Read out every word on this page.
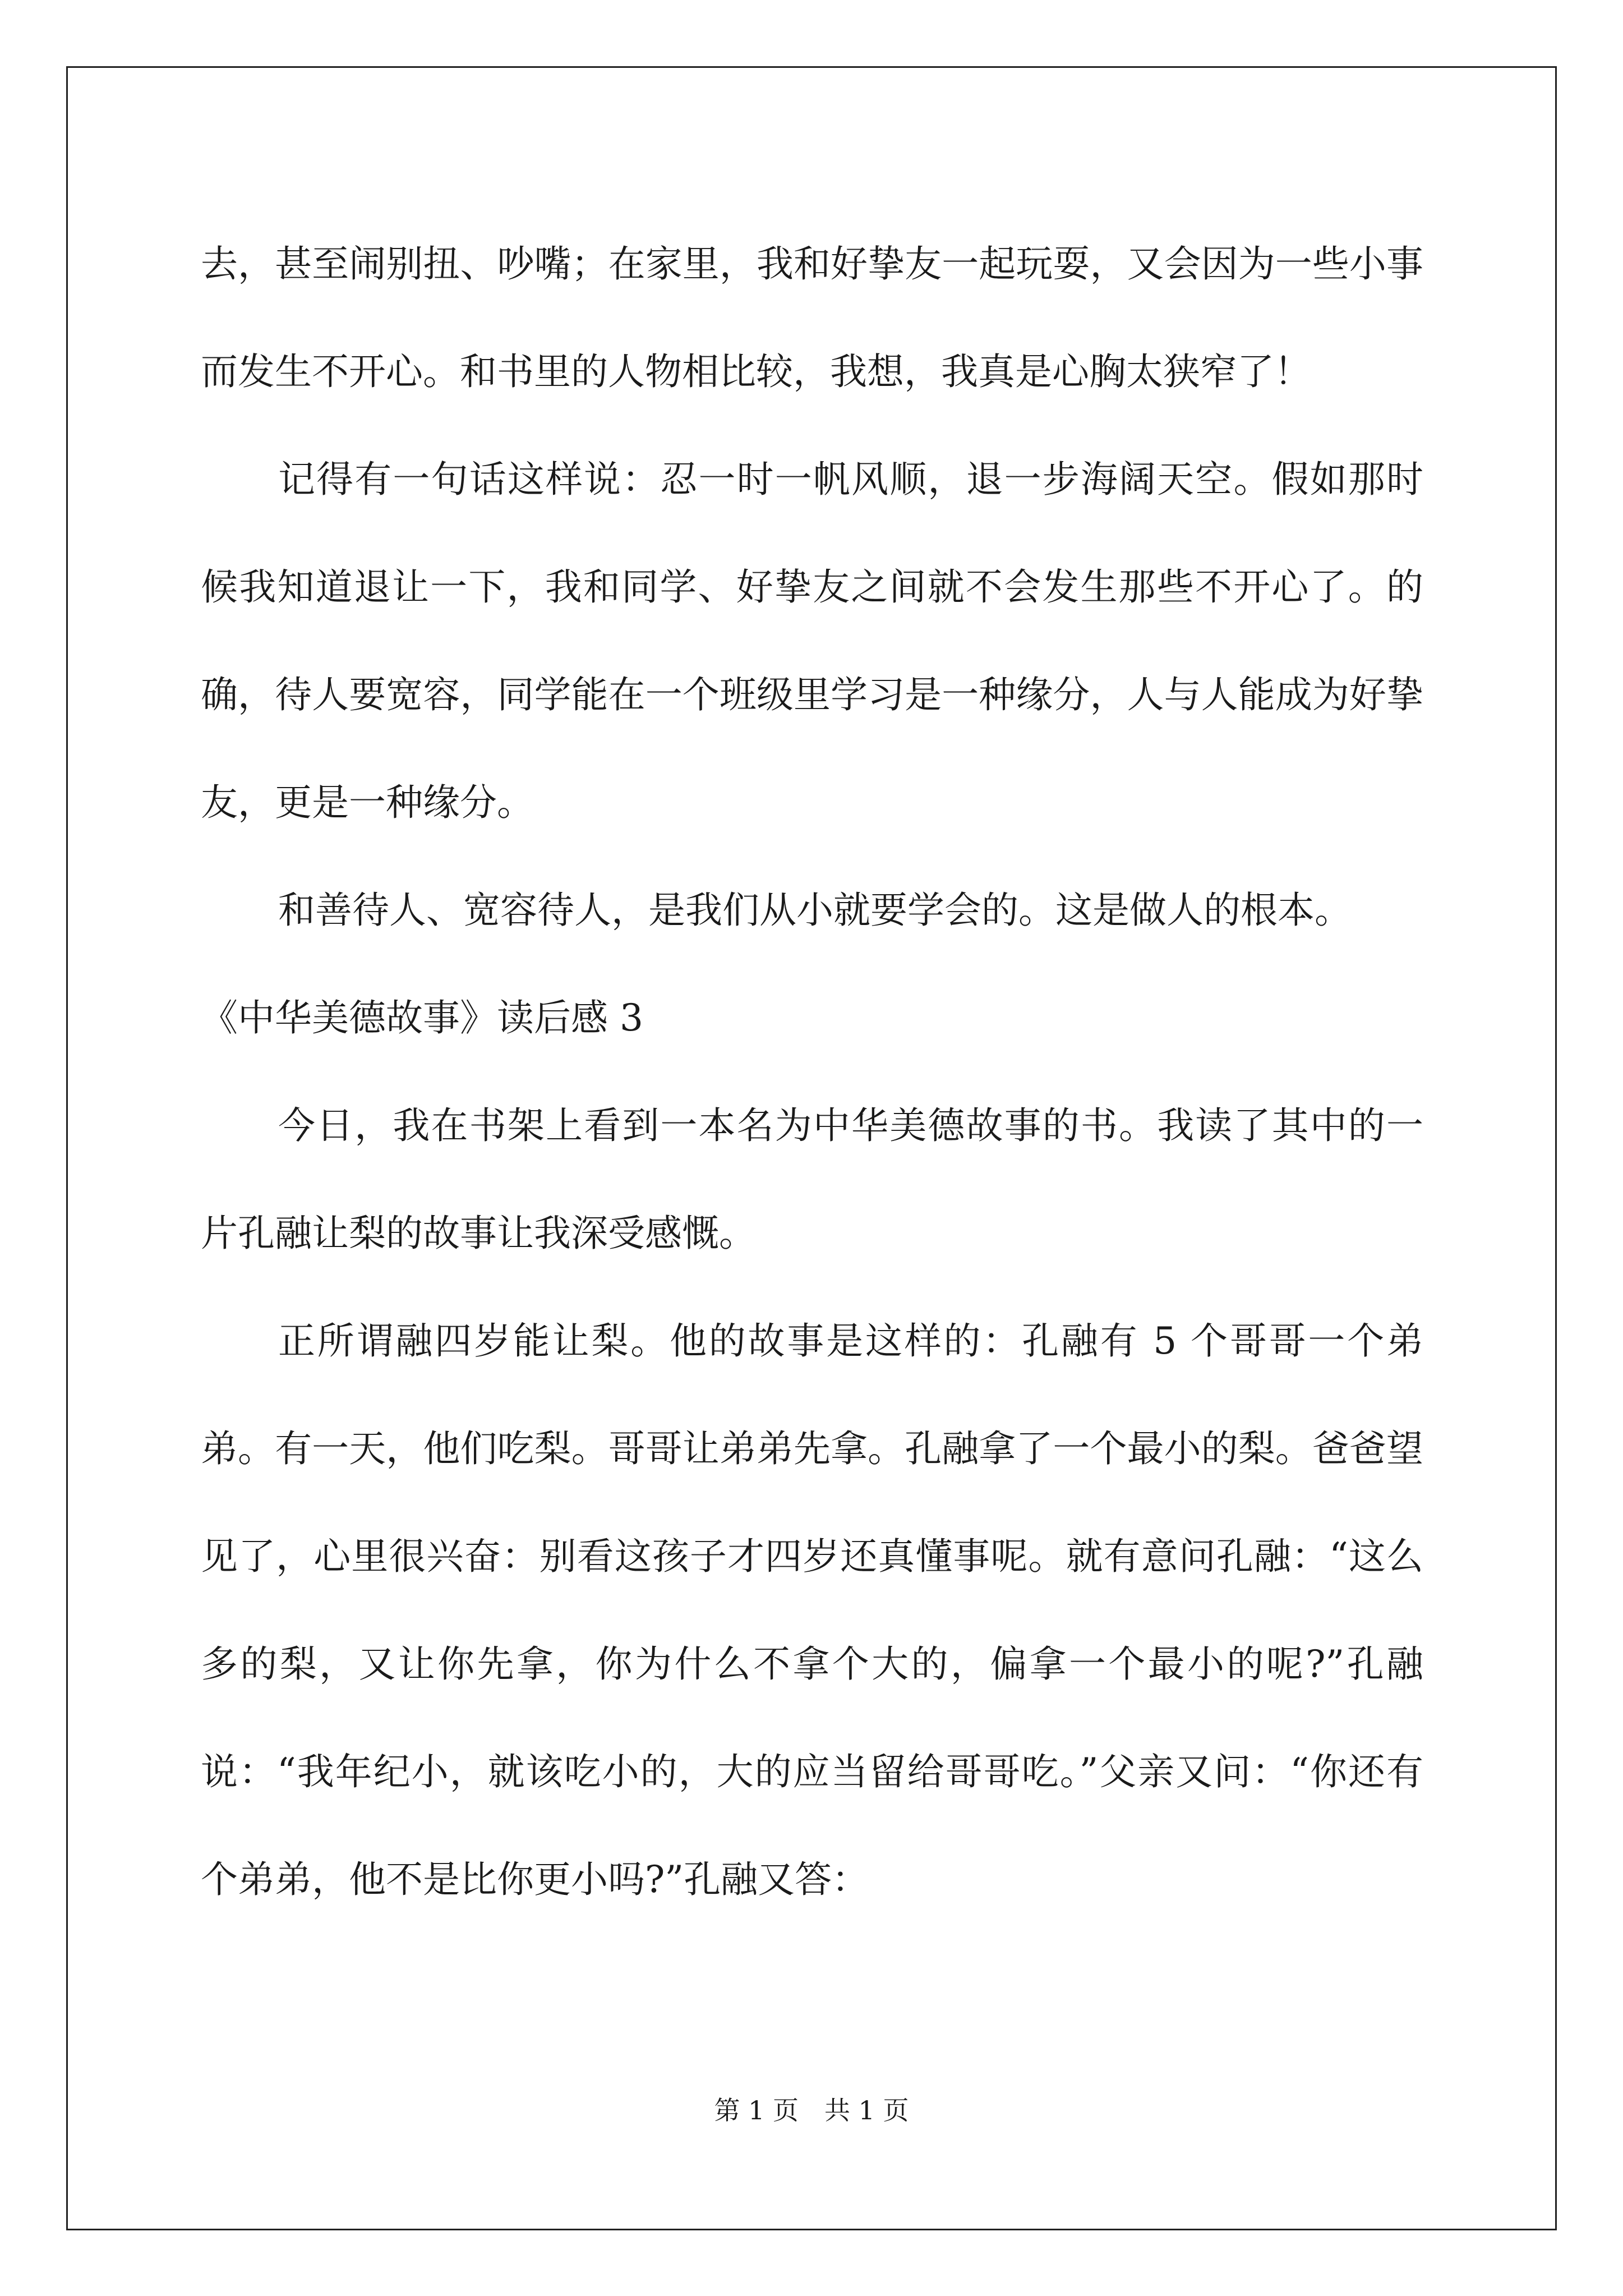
去，甚至闹别扭、吵嘴；在家里，我和好挚友一起玩耍，又会因为一些小事而发生不开心。和书里的人物相比较，我想，我真是心胸太狭窄了！

记得有一句话这样说：忍一时一帆风顺，退一步海阔天空。假如那时候我知道退让一下，我和同学、好挚友之间就不会发生那些不开心了。的确，待人要宽容，同学能在一个班级里学习是一种缘分，人与人能成为好挚友，更是一种缘分。

和善待人、宽容待人，是我们从小就要学会的。这是做人的根本。

《中华美德故事》读后感 3

今日，我在书架上看到一本名为中华美德故事的书。我读了其中的一片孔融让梨的故事让我深受感慨。

正所谓融四岁能让梨。他的故事是这样的：孔融有 5 个哥哥一个弟弟。有一天，他们吃梨。哥哥让弟弟先拿。孔融拿了一个最小的梨。爸爸望见了，心里很兴奋：别看这孩子才四岁还真懂事呢。就有意问孔融：“这么多的梨，又让你先拿，你为什么不拿个大的，偏拿一个最小的呢?”孔融说：“我年纪小，就该吃小的，大的应当留给哥哥吃。”父亲又问：“你还有个弟弟，他不是比你更小吗?”孔融又答：

第 1 页　共 1 页
